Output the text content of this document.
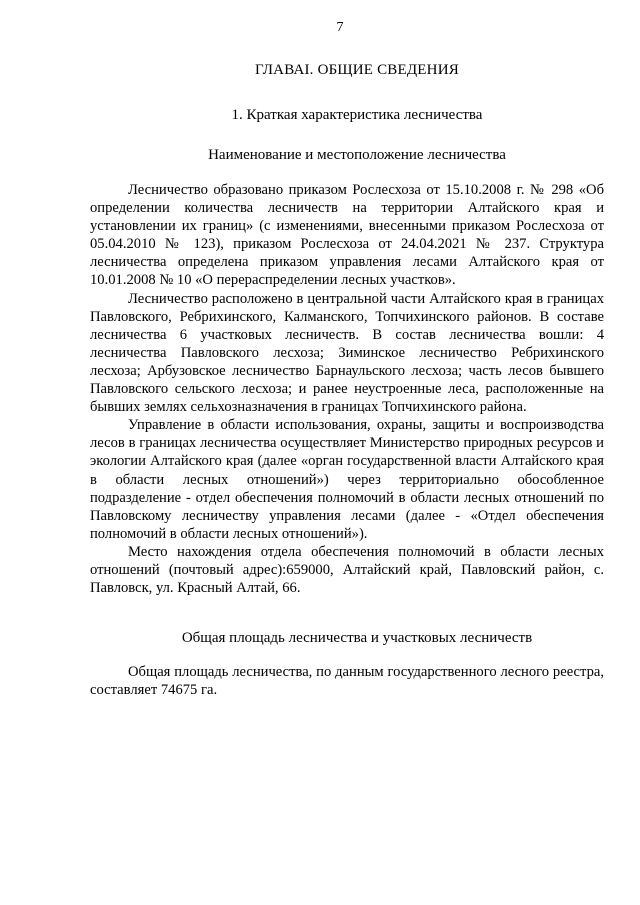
7
ГЛАВАI. ОБЩИЕ СВЕДЕНИЯ
1. Краткая характеристика лесничества
Наименование и местоположение лесничества

Лесничество образовано приказом Рослесхоза от 15.10.2008 г. № 298 «Об определении количества лесничеств на территории Алтайского края и установлении их границ» (с изменениями, внесенными приказом Рослесхоза от 05.04.2010 № 123), приказом Рослесхоза от 24.04.2021 № 237. Структура лесничества определена приказом управления лесами Алтайского края от 10.01.2008 № 10 «О перераспределении лесных участков».

Лесничество расположено в центральной части Алтайского края в границах Павловского, Ребрихинского, Калманского, Топчихинского районов. В составе лесничества 6 участковых лесничеств. В состав лесничества вошли: 4 лесничества Павловского лесхоза; Зиминское лесничество Ребрихинского лесхоза; Арбузовское лесничество Барнаульского лесхоза; часть лесов бывшего Павловского сельского лесхоза; и ранее неустроенные леса, расположенные на бывших землях сельхозназначения в границах Топчихинского района.

Управление в области использования, охраны, защиты и воспроизводства лесов в границах лесничества осуществляет Министерство природных ресурсов и экологии Алтайского края (далее «орган государственной власти Алтайского края в области лесных отношений») через территориально обособленное подразделение - отдел обеспечения полномочий в области лесных отношений по Павловскому лесничеству управления лесами (далее - «Отдел обеспечения полномочий в области лесных отношений»).

Место нахождения отдела обеспечения полномочий в области лесных отношений (почтовый адрес):659000, Алтайский край, Павловский район, с. Павловск, ул. Красный Алтай, 66.

Общая площадь лесничества и участковых лесничеств

Общая площадь лесничества, по данным государственного лесного реестра, составляет 74675 га.
